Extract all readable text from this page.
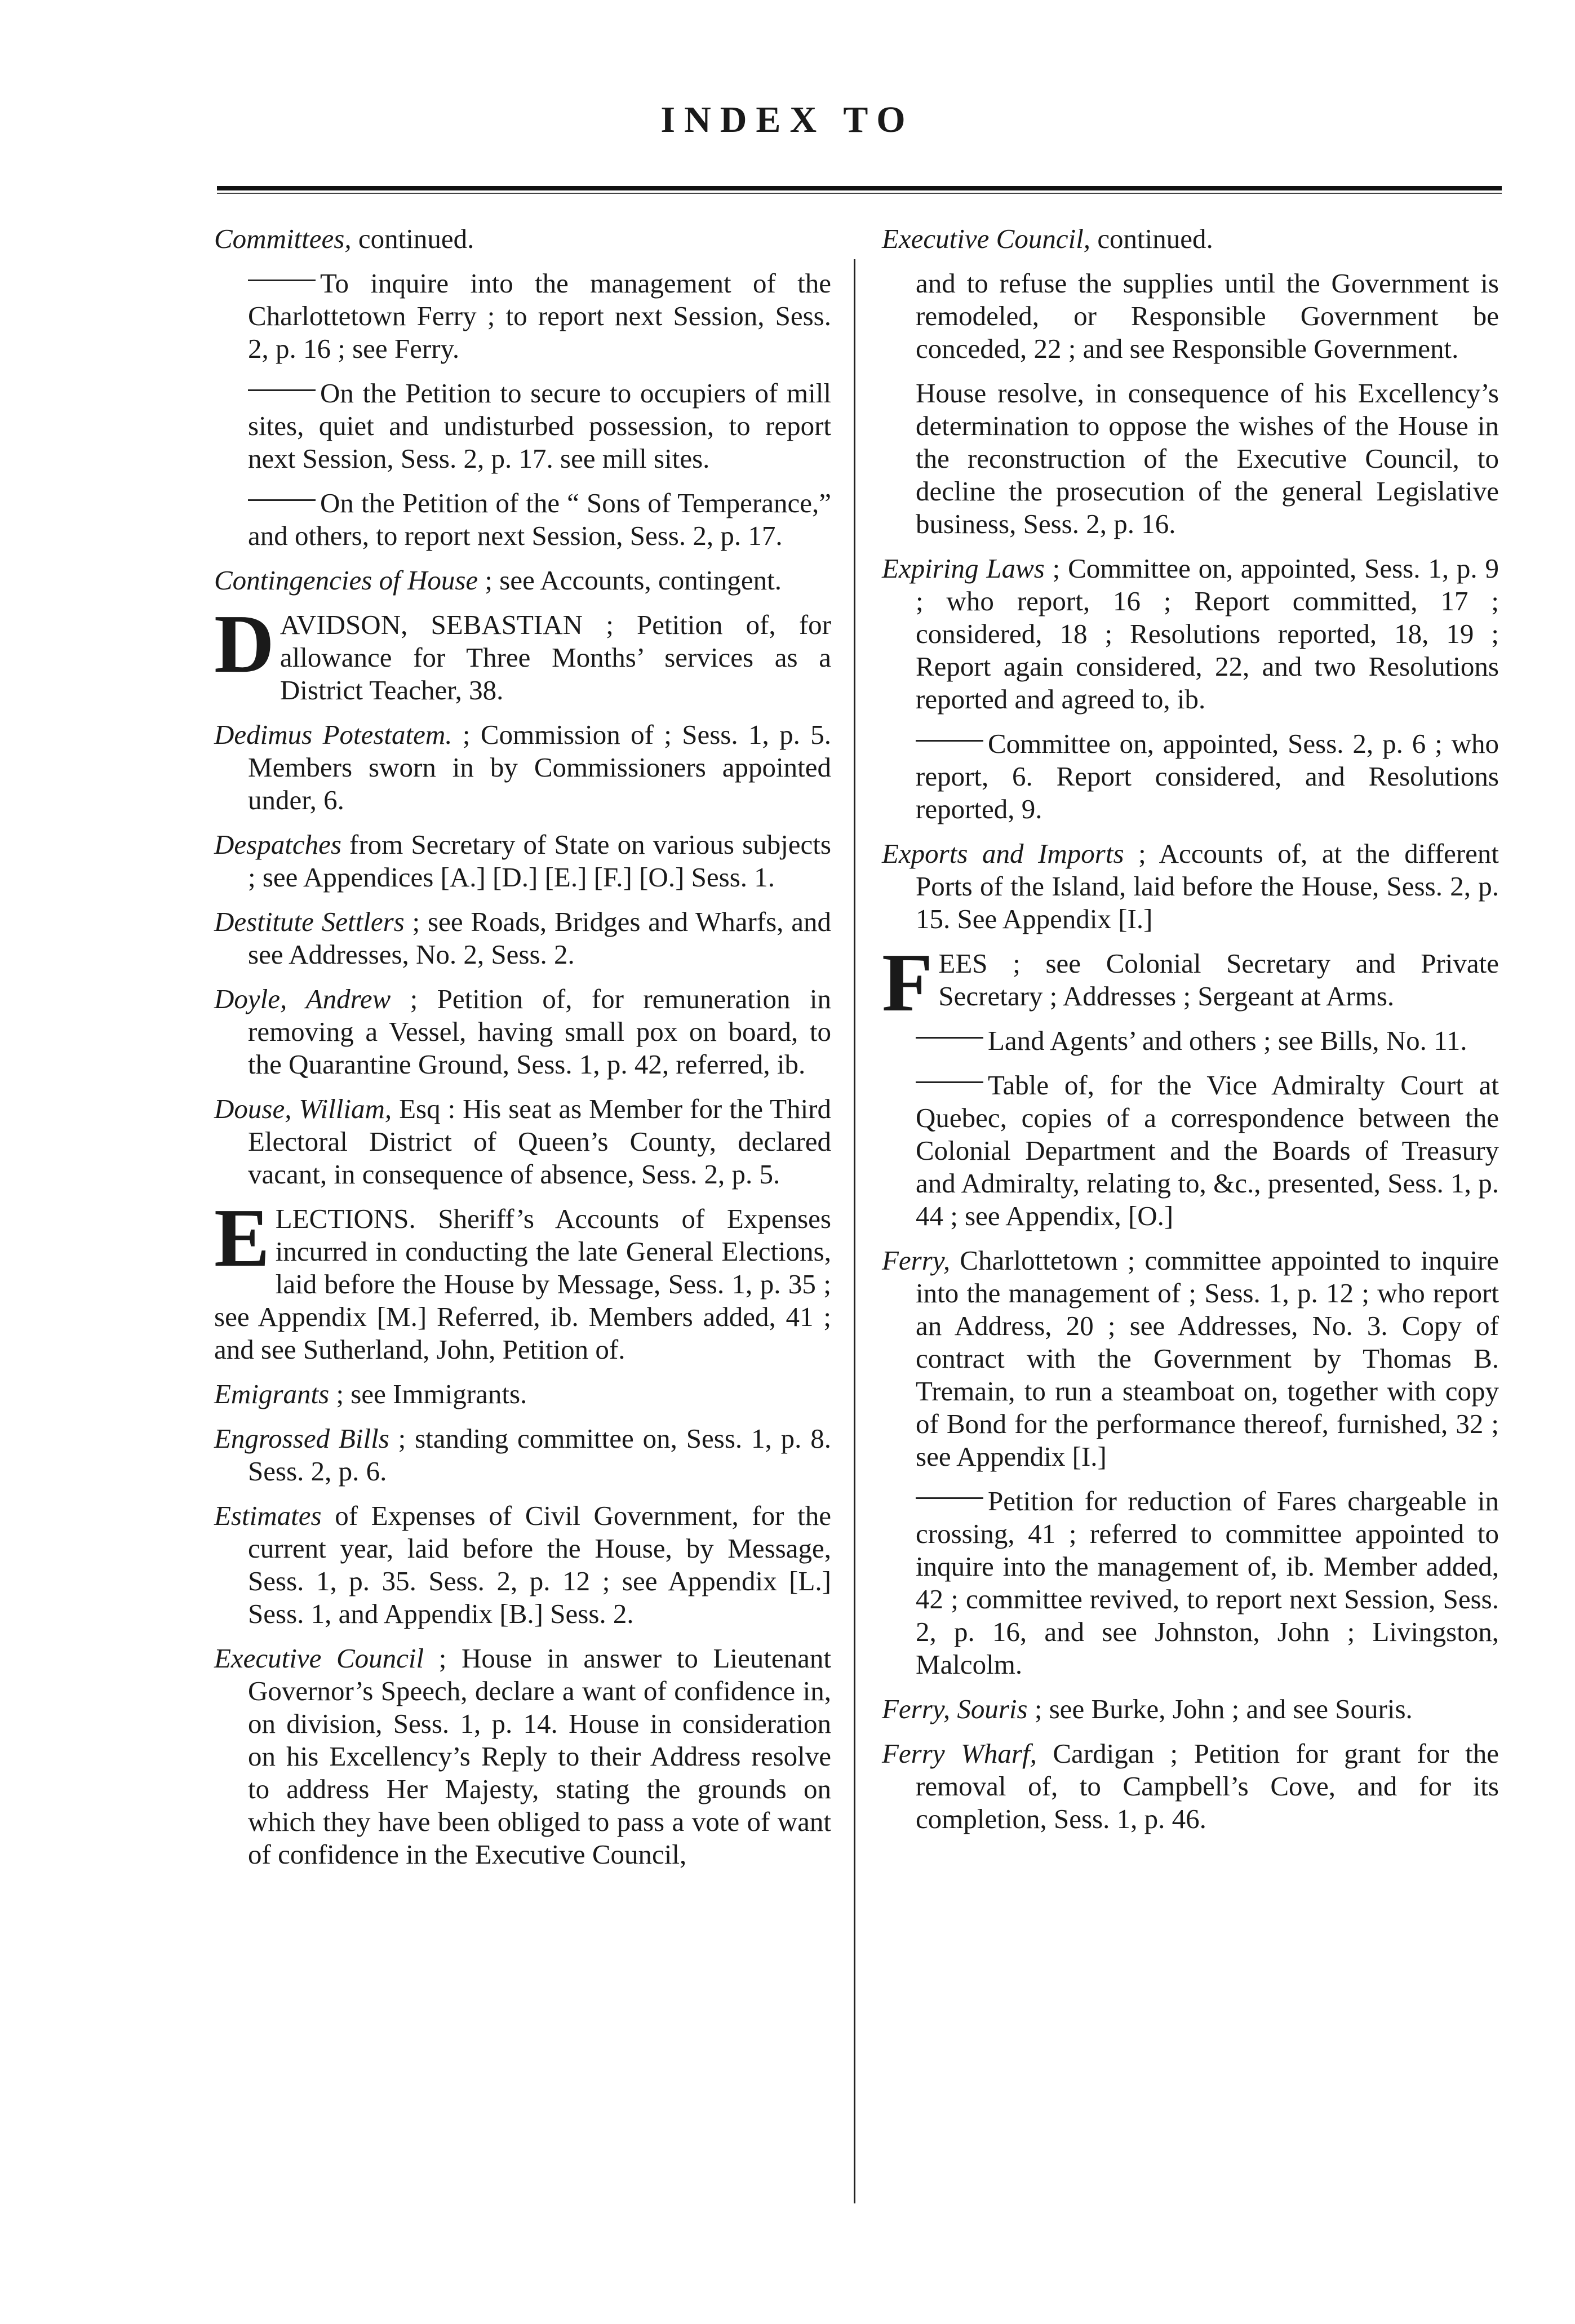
INDEX TO
Committees, continued.
To inquire into the management of the Charlottetown Ferry ; to report next Session, Sess. 2, p. 16 ; see Ferry.
On the Petition to secure to occupiers of mill sites, quiet and undisturbed possession, to report next Session, Sess. 2, p. 17. see mill sites.
On the Petition of the “ Sons of Temperance,” and others, to report next Session, Sess. 2, p. 17.
Contingencies of House ; see Accounts, contingent.
DAVIDSON, SEBASTIAN ; Petition of, for allowance for Three Months’ services as a District Teacher, 38.
Dedimus Potestatem. ; Commission of ; Sess. 1, p. 5. Members sworn in by Commissioners appointed under, 6.
Despatches from Secretary of State on various subjects ; see Appendices [A.] [D.] [E.] [F.] [O.] Sess. 1.
Destitute Settlers ; see Roads, Bridges and Wharfs, and see Addresses, No. 2, Sess. 2.
Doyle, Andrew ; Petition of, for remuneration in removing a Vessel, having small pox on board, to the Quarantine Ground, Sess. 1, p. 42, referred, ib.
Douse, William, Esq : His seat as Member for the Third Electoral District of Queen’s County, declared vacant, in consequence of absence, Sess. 2, p. 5.
ELECTIONS. Sheriff’s Accounts of Expenses incurred in conducting the late General Elections, laid before the House by Message, Sess. 1, p. 35 ; see Appendix [M.] Referred, ib. Members added, 41 ; and see Sutherland, John, Petition of.
Emigrants ; see Immigrants.
Engrossed Bills ; standing committee on, Sess. 1, p. 8. Sess. 2, p. 6.
Estimates of Expenses of Civil Government, for the current year, laid before the House, by Message, Sess. 1, p. 35. Sess. 2, p. 12 ; see Appendix [L.] Sess. 1, and Appendix [B.] Sess. 2.
Executive Council ; House in answer to Lieutenant Governor’s Speech, declare a want of confidence in, on division, Sess. 1, p. 14. House in consideration on his Excellency’s Reply to their Address resolve to address Her Majesty, stating the grounds on which they have been obliged to pass a vote of want of confidence in the Executive Council,
Executive Council, continued.
and to refuse the supplies until the Government is remodeled, or Responsible Government be conceded, 22 ; and see Responsible Government.
House resolve, in consequence of his Excellency’s determination to oppose the wishes of the House in the reconstruction of the Executive Council, to decline the prosecution of the general Legislative business, Sess. 2, p. 16.
Expiring Laws ; Committee on, appointed, Sess. 1, p. 9 ; who report, 16 ; Report committed, 17 ; considered, 18 ; Resolutions reported, 18, 19 ; Report again considered, 22, and two Resolutions reported and agreed to, ib.
Committee on, appointed, Sess. 2, p. 6 ; who report, 6. Report considered, and Resolutions reported, 9.
Exports and Imports ; Accounts of, at the different Ports of the Island, laid before the House, Sess. 2, p. 15. See Appendix [I.]
FEES ; see Colonial Secretary and Private Secretary ; Addresses ; Sergeant at Arms.
Land Agents’ and others ; see Bills, No. 11.
Table of, for the Vice Admiralty Court at Quebec, copies of a correspondence between the Colonial Department and the Boards of Treasury and Admiralty, relating to, &c., presented, Sess. 1, p. 44 ; see Appendix, [O.]
Ferry, Charlottetown ; committee appointed to inquire into the management of ; Sess. 1, p. 12 ; who report an Address, 20 ; see Addresses, No. 3. Copy of contract with the Government by Thomas B. Tremain, to run a steamboat on, together with copy of Bond for the performance thereof, furnished, 32 ; see Appendix [I.]
Petition for reduction of Fares chargeable in crossing, 41 ; referred to committee appointed to inquire into the management of, ib. Member added, 42 ; committee revived, to report next Session, Sess. 2, p. 16, and see Johnston, John ; Livingston, Malcolm.
Ferry, Souris ; see Burke, John ; and see Souris.
Ferry Wharf, Cardigan ; Petition for grant for the removal of, to Campbell’s Cove, and for its completion, Sess. 1, p. 46.
